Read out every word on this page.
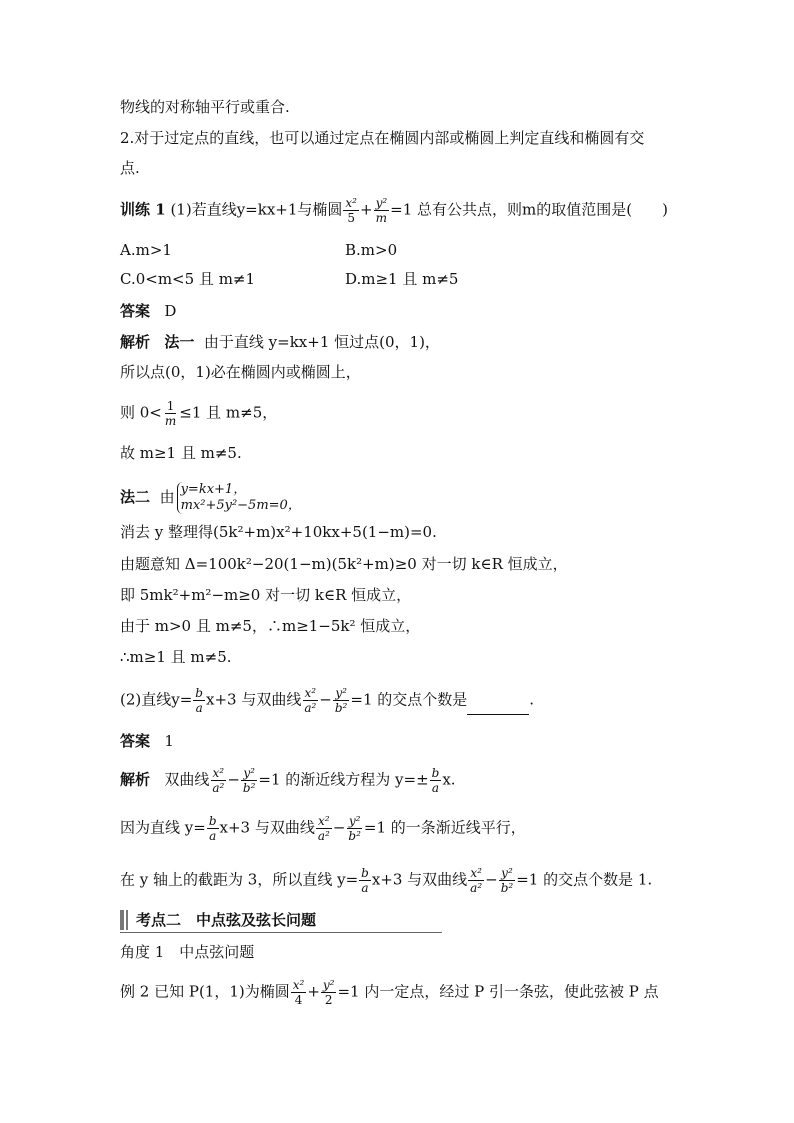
物线的对称轴平行或重合.
2.对于过定点的直线，也可以通过定点在椭圆内部或椭圆上判定直线和椭圆有交
点.
训练 1 (1)若直线y=kx+1与椭圆 $\frac{\text{x²}}{5} + \frac{\text{y²}}{m} =1$ 总有公共点，则m的取值范围是(　　)
A.m>1	B.m>0
C.0<m<5 且 m≠1	D.m≥1 且 m≠5
答案 D
解析 法一 由于直线 y=kx+1 恒过点(0，1)，
所以点(0，1)必在椭圆内或椭圆上，
则 $0< \frac{1}{m} \le 1$ 且 m≠5，
故 m≥1 且 m≠5.
法二 由 y=kx+1，
mx²+5y²−5m=0，
消去 y 整理得(5k²+m)x²+10kx+5(1−m)=0.
由题意知 Δ=100k²−20(1−m)(5k²+m)≥0 对一切 k∈R 恒成立，
即 5mk²+m²−m≥0 对一切 k∈R 恒成立，
由于 m>0 且 m≠5，∴m≥1−5k² 恒成立，
∴m≥1 且 m≠5.
(2)直线$y= \frac{b}{a} x+3$ 与双曲线 $\frac{\text{x²}}{\text{a²}} - \frac{\text{y²}}{\text{b²}} =1$ 的交点个数是	.
答案 1
解析 双曲线 $\frac{\text{x²}}{\text{a²}} - \frac{\text{y²}}{\text{b²}} =1$ 的渐近线方程为 $y=\pm \frac{b}{a} x$.
因为直线 $y= \frac{b}{a} x+3$ 与双曲线 $\frac{\text{x²}}{\text{a²}} - \frac{\text{y²}}{\text{b²}} =1$ 的一条渐近线平行，
在 y 轴上的截距为 3，所以直线 $y= \frac{b}{a} x+3$ 与双曲线 $\frac{\text{x²}}{\text{a²}} - \frac{\text{y²}}{\text{b²}} =1$ 的交点个数是 1.
考点二　中点弦及弦长问题
角度 1　中点弦问题
例 2 已知 P(1，1)为椭圆 $\frac{\text{x²}}{4} + \frac{\text{y²}}{2} =1$ 内一定点，经过 P 引一条弦，使此弦被 P 点
